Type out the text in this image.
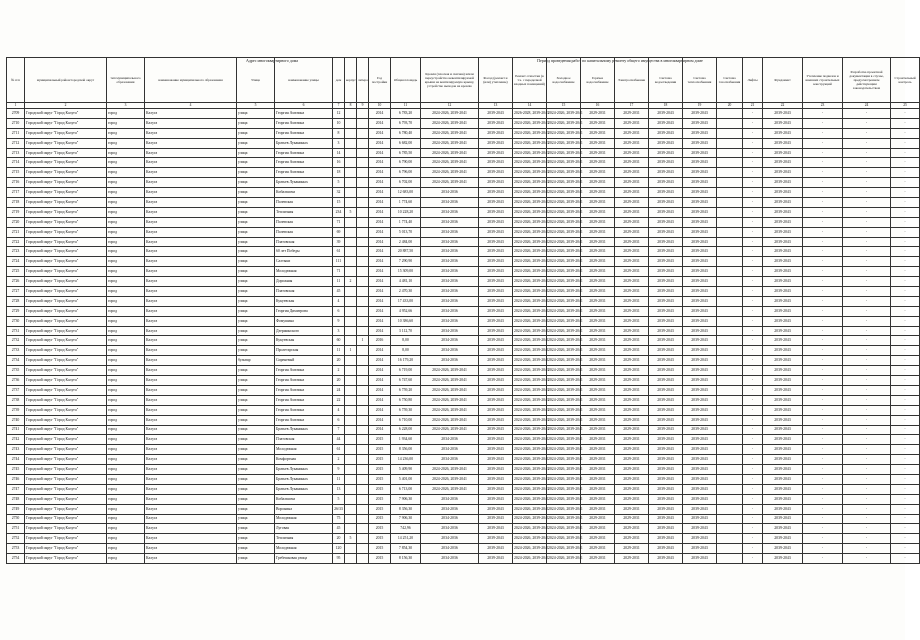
Адрес многоквартирного дома	Период проведения работ по капитальному ремонту общего имущества в многоквартирном доме
№ п/п	муниципальный район/городской округ	тип муниципального образования	наименование муниципального образования	Улица	наименование улицы	дом	корпус	литера	Год постройки	Общая площадь	Кровля (плоская и скатная) и/или переустройство невентилируемой крыши на вентилируемую крышу, устройство выходов на кровлю	Фасад (ремонт и (или) утепление)	Ремонт отмостки (в т.ч. с переделкой входных помещений)	Холодное водоснабжение	Горячее водоснабжение	Электроснабжение	Система водоотведения	Система теплоснабжения	Система газоснабжения	Лифты	Фундамент	Утепление подвалов и внешних строительных конструкций	Разработка проектной документации в случае, предусмотренном действующим законодательством	Строительный контроль
1	2	3	4	5	6	7	8	9	10	11	12	13	14	15	16	17	18	19	20	21	22	23	24	25
2709	Городской округ "Город Калуга"	город	Калуга	улица	Георгия Амелина	12			2014	6 783,20	2024-2026, 2039-2041	2039-2043	2026-2028, 2039-2043	2024-2026, 2039-2041	2029-2031	2029-2031	2039-2043	2039-2043		-	2039-2043	-	-	-
2710	Городской округ "Город Калуга"	город	Калуга	улица	Георгия Амелина	10			2014	6 793,70	2024-2026, 2039-2041	2039-2043	2024-2026, 2039-2043	2024-2026, 2039-2041	2029-2031	2029-2031	2039-2043	2039-2043		-	2039-2043	-	-	-
2711	Городской округ "Город Калуга"	город	Калуга	улица	Георгия Амелина	8			2014	6 780,40	2024-2026, 2039-2041	2039-2043	2024-2026, 2039-2043	2024-2026, 2039-2041	2029-2031	2029-2031	2039-2043	2039-2043		-	2039-2043	-	-	-
2712	Городской округ "Город Калуга"	город	Калуга	улица	Братьев Луканиных	3			2014	6 682,00	2024-2026, 2039-2041	2039-2043	2024-2026, 2039-2043	2024-2026, 2039-2041	2029-2031	2029-2031	2039-2043	2039-2043		-	2039-2043	-	-	-
2713	Городской округ "Город Калуга"	город	Калуга	улица	Георгия Амелина	14			2014	6 785,50	2024-2026, 2039-2041	2039-2043	2024-2026, 2039-2043	2024-2026, 2039-2041	2029-2031	2029-2031	2039-2043	2039-2043		-	2039-2043	-	-	-
2714	Городской округ "Город Калуга"	город	Калуга	улица	Георгия Амелина	16			2014	6 790,00	2024-2026, 2039-2041	2039-2043	2024-2026, 2039-2043	2024-2026, 2039-2041	2029-2031	2029-2031	2039-2043	2039-2043		-	2039-2043	-	-	-
2715	Городской округ "Город Калуга"	город	Калуга	улица	Георгия Амелина	18			2014	6 796,00	2024-2026, 2039-2041	2039-2043	2024-2026, 2039-2043	2024-2026, 2039-2041	2029-2031	2029-2031	2039-2043	2039-2043		-	2039-2043	-	-	-
2716	Городской округ "Город Калуга"	город	Калуга	улица	Братьев Луканиных	5			2014	6 702,00	2024-2026, 2039-2041	2039-2043	2024-2026, 2039-2043	2024-2026, 2039-2041	2029-2031	2029-2031	2039-2043	2039-2043		-	2039-2043	-	-	-
2717	Городской округ "Город Калуга"	город	Калуга	улица	Кибальчича	32			2014	12 683,00	2034-2036	2039-2043	2024-2026, 2039-2041	2024-2026, 2039-2041	2029-2031	2029-2031	2039-2043	2039-2043		-	2039-2043	-	-	-
2718	Городской округ "Город Калуга"	город	Калуга	улица	Полевская	15			2014	1 774,60	2034-2036	2039-2043	2024-2026, 2039-2041	2024-2026, 2039-2041	2029-2031	2029-2031	2039-2043	2039-2043		-	2039-2043	-	-	-
2719	Городской округ "Город Калуга"	город	Калуга	улица	Тепличная	234	5		2014	10 228,20	2034-2036	2039-2043	2024-2026, 2039-2041	2024-2026, 2039-2041	2029-2031	2029-2031	2039-2043	2039-2043		-	2039-2043	-	-	-
2720	Городской округ "Город Калуга"	город	Калуга	улица	Полевская	71			2014	1 774,40	2034-2036	2039-2043	2024-2026, 2039-2041	2024-2026, 2039-2041	2029-2031	2029-2031	2039-2043	2039-2043		-	2039-2043	-	-	-
2721	Городской округ "Город Калуга"	город	Калуга	улица	Полевская	69			2014	5 013,70	2034-2036	2039-2043	2024-2026, 2039-2041	2024-2026, 2039-2041	2029-2031	2029-2031	2039-2043	2039-2043		-	2039-2043	-	-	-
2722	Городской округ "Город Калуга"	город	Калуга	улица	Платовская	39			2014	2 484,00	2034-2036	2039-2043	2024-2026, 2039-2041	2024-2026, 2039-2041	2029-2031	2029-2031	2039-2043	2039-2043		-	2039-2043	-	-	-
2723	Городской округ "Город Калуга"	город	Калуга	улица	60 лет Победы	61			2014	20 887,50	2034-2036	2039-2043	2024-2026, 2039-2041	2024-2026, 2039-2041	2029-2031	2029-2031	2039-2043	2039-2043		-	2039-2043	-	-	-
2724	Городской округ "Город Калуга"	город	Калуга	улица	Салтыки	111			2014	7 290,90	2034-2036	2039-2043	2024-2026, 2039-2041	2024-2026, 2039-2041	2029-2031	2029-2031	2039-2043	2039-2043		-	2039-2043	-	-	-
2725	Городской округ "Город Калуга"	город	Калуга	улица	Молодежная	71			2014	15 309,00	2034-2036	2039-2043	2024-2026, 2039-2041	2024-2026, 2039-2041	2029-2031	2029-2031	2039-2043	2039-2043		-	2039-2043	-	-	-
2726	Городской округ "Город Калуга"	город	Калуга	улица	Дорожная	11	2		2014	4 481,10	2034-2036	2039-2043	2024-2026, 2039-2041	2024-2026, 2039-2041	2029-2031	2029-2031	2039-2043	2039-2043		-	2039-2043	-	-	-
2727	Городской округ "Город Калуга"	город	Калуга	улица	Платовская	45			2014	2 470,30	2034-2036	2039-2043	2024-2026, 2039-2041	2024-2026, 2039-2041	2029-2031	2029-2031	2039-2043	2039-2043		-	2039-2043	-	-	-
2728	Городской округ "Город Калуга"	город	Калуга	улица	Кукуевская	4			2014	17 433,00	2034-2036	2039-2043	2024-2026, 2039-2041	2024-2026, 2039-2041	2029-2031	2029-2031	2039-2043	2039-2043		-	2039-2043	-	-	-
2729	Городской округ "Город Калуга"	город	Калуга	улица	Георгия Димитрова	6			2014	4 952,66	2034-2036	2039-2043	2024-2026, 2039-2041	2024-2026, 2039-2041	2029-2031	2029-2031	2039-2043	2039-2043		-	2039-2043	-	-	-
2730	Городской округ "Город Калуга"	город	Калуга	улица	Фомушина	9			2014	10 386,60	2034-2036	2039-2043	2024-2026, 2039-2041	2024-2026, 2039-2041	2029-2031	2029-2031	2039-2043	2039-2043		-	2039-2043	-	-	-
2731	Городской округ "Город Калуга"	город	Калуга	улица	Дзержинского	3			2014	3 112,70	2034-2036	2039-2043	2024-2026, 2039-2041	2024-2026, 2039-2041	2029-2031	2029-2031	2039-2043	2039-2043		-	2039-2043	-	-	-
2732	Городской округ "Город Калуга"	город	Калуга	улица	Кукуевская	60		1	2016	8,00	2034-2036	2039-2043	2024-2026, 2039-2041	2024-2026, 2039-2041	2029-2031	2029-2031	2039-2043	2039-2043		-	2039-2043	-	-	-
2733	Городской округ "Город Калуга"	город	Калуга	улица	Пролетарская	11	1		2014	8,00	2034-2036	2039-2043	2024-2026, 2039-2041	2024-2026, 2039-2041	2029-2031	2029-2031	2039-2043	2039-2043		-	2039-2043	-	-	-
2734	Городской округ "Город Калуга"	город	Калуга	бульвар	Сиреневый	20			2014	16 179,20	2034-2036	2039-2043	2024-2026, 2039-2041	2024-2026, 2039-2041	2029-2031	2029-2031	2039-2043	2039-2043		-	2039-2043	-	-	-
2735	Городской округ "Город Калуга"	город	Калуга	улица	Георгия Амелина	2			2014	6 719,00	2024-2026, 2039-2041	2039-2043	2024-2026, 2039-2043	2024-2026, 2039-2041	2029-2031	2029-2031	2039-2043	2039-2043		-	2039-2043	-	-	-
2736	Городской округ "Город Калуга"	город	Калуга	улица	Георгия Амелина	20			2014	6 747,60	2024-2026, 2039-2041	2039-2043	2024-2026, 2039-2043	2024-2026, 2039-2041	2029-2031	2029-2031	2039-2043	2039-2043		-	2039-2043	-	-	-
2737	Городской округ "Город Калуга"	город	Калуга	улица	Георгия Амелина	24			2014	6 759,20	2024-2026, 2039-2041	2039-2043	2024-2026, 2039-2043	2024-2026, 2039-2041	2029-2031	2029-2031	2039-2043	2039-2043		-	2039-2043	-	-	-
2738	Городской округ "Город Калуга"	город	Калуга	улица	Георгия Амелина	22			2014	6 750,80	2024-2026, 2039-2041	2039-2043	2024-2026, 2039-2043	2024-2026, 2039-2041	2029-2031	2029-2031	2039-2043	2039-2043		-	2039-2043	-	-	-
2739	Городской округ "Город Калуга"	город	Калуга	улица	Георгия Амелина	4			2014	6 759,30	2024-2026, 2039-2041	2039-2043	2024-2026, 2039-2043	2024-2026, 2039-2041	2029-2031	2029-2031	2039-2043	2039-2043		-	2039-2043	-	-	-
2740	Городской округ "Город Калуга"	город	Калуга	улица	Георгия Амелина	6			2014	6 710,00	2024-2026, 2039-2041	2039-2043	2024-2026, 2039-2043	2024-2026, 2039-2041	2029-2031	2029-2031	2039-2043	2039-2043		-	2039-2043	-	-	-
2741	Городской округ "Город Калуга"	город	Калуга	улица	Братьев Луканиных	7			2014	6 228,00	2024-2026, 2039-2041	2039-2043	2024-2026, 2039-2043	2024-2026, 2039-2041	2029-2031	2029-2031	2039-2043	2039-2043		-	2039-2043	-	-	-
2742	Городской округ "Город Калуга"	город	Калуга	улица	Платовская	44			2015	1 934,60	2034-2036	2039-2043	2024-2026, 2039-2041	2024-2026, 2039-2041	2029-2031	2029-2031	2039-2043	2039-2043		-	2039-2043	-	-	-
2743	Городской округ "Город Калуга"	город	Калуга	улица	Молодежная	61			2015	8 356,00	2034-2036	2039-2043	2024-2026, 2039-2041	2024-2026, 2039-2041	2029-2031	2029-2031	2039-2043	2039-2043		-	2039-2043	-	-	-
2744	Городской округ "Город Калуга"	город	Калуга	улица	Комфортная	2			2015	14 236,00	2034-2036	2039-2043	2024-2026, 2039-2041	2024-2026, 2039-2041	2029-2031	2029-2031	2039-2043	2039-2043		-	2039-2043	-	-	-
2745	Городской округ "Город Калуга"	город	Калуга	улица	Братьев Луканиных	9			2015	5 409,90	2024-2026, 2039-2041	2039-2043	2024-2026, 2039-2043	2024-2026, 2039-2041	2029-2031	2029-2031	2039-2043	2039-2043		-	2039-2043	-	-	-
2746	Городской округ "Город Калуга"	город	Калуга	улица	Братьев Луканиных	11			2015	5 401,00	2024-2026, 2039-2041	2039-2043	2024-2026, 2039-2043	2024-2026, 2039-2041	2029-2031	2029-2031	2039-2043	2039-2043		-	2039-2043	-	-	-
2747	Городской округ "Город Калуга"	город	Калуга	улица	Братьев Луканиных	13			2015	6 713,00	2024-2026, 2039-2041	2039-2043	2024-2026, 2039-2043	2024-2026, 2039-2041	2029-2031	2029-2031	2039-2043	2039-2043		-	2039-2043	-	-	-
2748	Городской округ "Город Калуга"	город	Калуга	улица	Кибальчича	5			2015	7 906,30	2034-2036	2039-2043	2024-2026, 2039-2041	2024-2026, 2039-2041	2029-2031	2029-2031	2039-2043	2039-2043		-	2039-2043	-	-	-
2749	Городской округ "Город Калуга"	город	Калуга	улица	Воронина	26/33			2015	8 356,30	2034-2036	2039-2043	2024-2026, 2039-2041	2024-2026, 2039-2041	2029-2031	2029-2031	2039-2043	2039-2043		-	2039-2043	-	-	-
2750	Городской округ "Город Калуга"	город	Калуга	улица	Молодежная	75			2015	7 906,30	2034-2036	2039-2043	2024-2026, 2039-2041	2024-2026, 2039-2041	2029-2031	2029-2031	2039-2043	2039-2043		-	2039-2043	-	-	-
2751	Городской округ "Город Калуга"	город	Калуга	улица	Луговая	45			2015	742,96	2034-2036	2039-2043	2024-2026, 2039-2041	2024-2026, 2039-2041	2029-2031	2029-2031	2039-2043	2039-2043		-	2039-2043	-	-	-
2752	Городской округ "Город Калуга"	город	Калуга	улица	Тепличная	20	5		2015	14 251,20	2034-2036	2039-2043	2024-2026, 2039-2041	2024-2026, 2039-2041	2029-2031	2029-2031	2039-2043	2039-2043		-	2039-2043	-	-	-
2753	Городской округ "Город Калуга"	город	Калуга	улица	Молодежная	120			2015	7 854,30	2034-2036	2039-2043	2024-2026, 2039-2041	2024-2026, 2039-2041	2029-2031	2029-2031	2039-2043	2039-2043		-	2039-2043	-	-	-
2754	Городской округ "Город Калуга"	город	Калуга	улица	Гребешковая улица	95			2015	8 156,30	2034-2036	2039-2043	2024-2026, 2039-2041	2024-2026, 2039-2041	2029-2031	2029-2031	2039-2043	2039-2043		-	2039-2043	-	-	-
